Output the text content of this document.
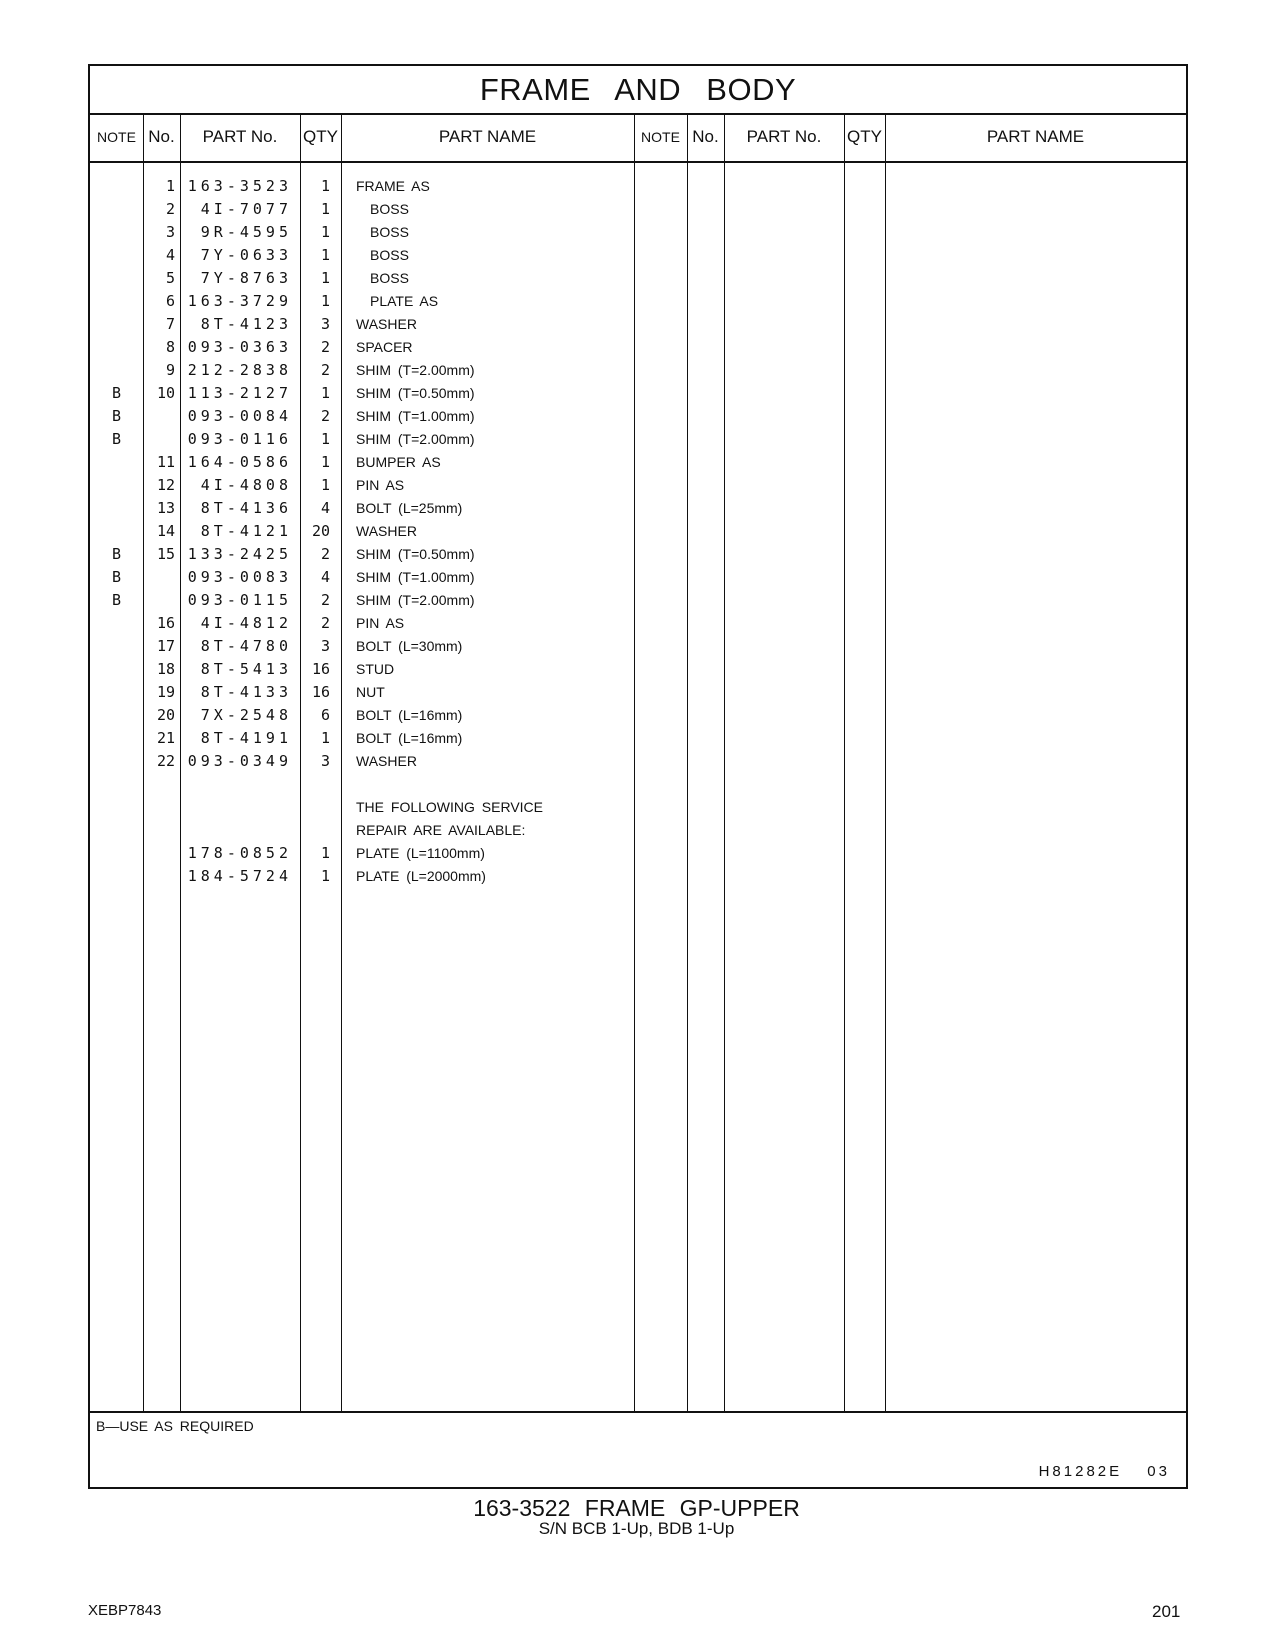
FRAME AND BODY
NOTE No.	PART No.	QTY	PART NAME	NOTE No.	PART No.	QTY	PART NAME
1 163-3523	1 FRAME AS
2	4I-7077	1	BOSS
3	9R-4595	1	BOSS
4	7Y-0633	1	BOSS
5	7Y-8763	1	BOSS
6 163-3729	1	PLATE AS
7	8T-4123	3 WASHER
8 093-0363	2 SPACER
9 212-2838	2 SHIM (T=2.00mm)
B	10 113-2127	1 SHIM (T=0.50mm)
B	093-0084	2 SHIM (T=1.00mm)
B	093-0116	1 SHIM (T=2.00mm)
11 164-0586	1 BUMPER AS
12	4I-4808	1 PIN AS
13	8T-4136	4 BOLT (L=25mm)
14	8T-4121	20 WASHER
B	15 133-2425	2 SHIM (T=0.50mm)
B	093-0083	4 SHIM (T=1.00mm)
B	093-0115	2 SHIM (T=2.00mm)
16	4I-4812	2 PIN AS
17	8T-4780	3 BOLT (L=30mm)
18	8T-5413	16 STUD
19	8T-4133	16 NUT
20	7X-2548	6 BOLT (L=16mm)
21	8T-4191	1 BOLT (L=16mm)
22 093-0349	3 WASHER
THE FOLLOWING SERVICE
REPAIR ARE AVAILABLE:
178-0852	1 PLATE (L=1100mm)
184-5724	1 PLATE (L=2000mm)
B—USE AS REQUIRED
H81282E 03
163-3522 FRAME GP-UPPER
S/N BCB 1-Up, BDB 1-Up
XEBP7843	201
